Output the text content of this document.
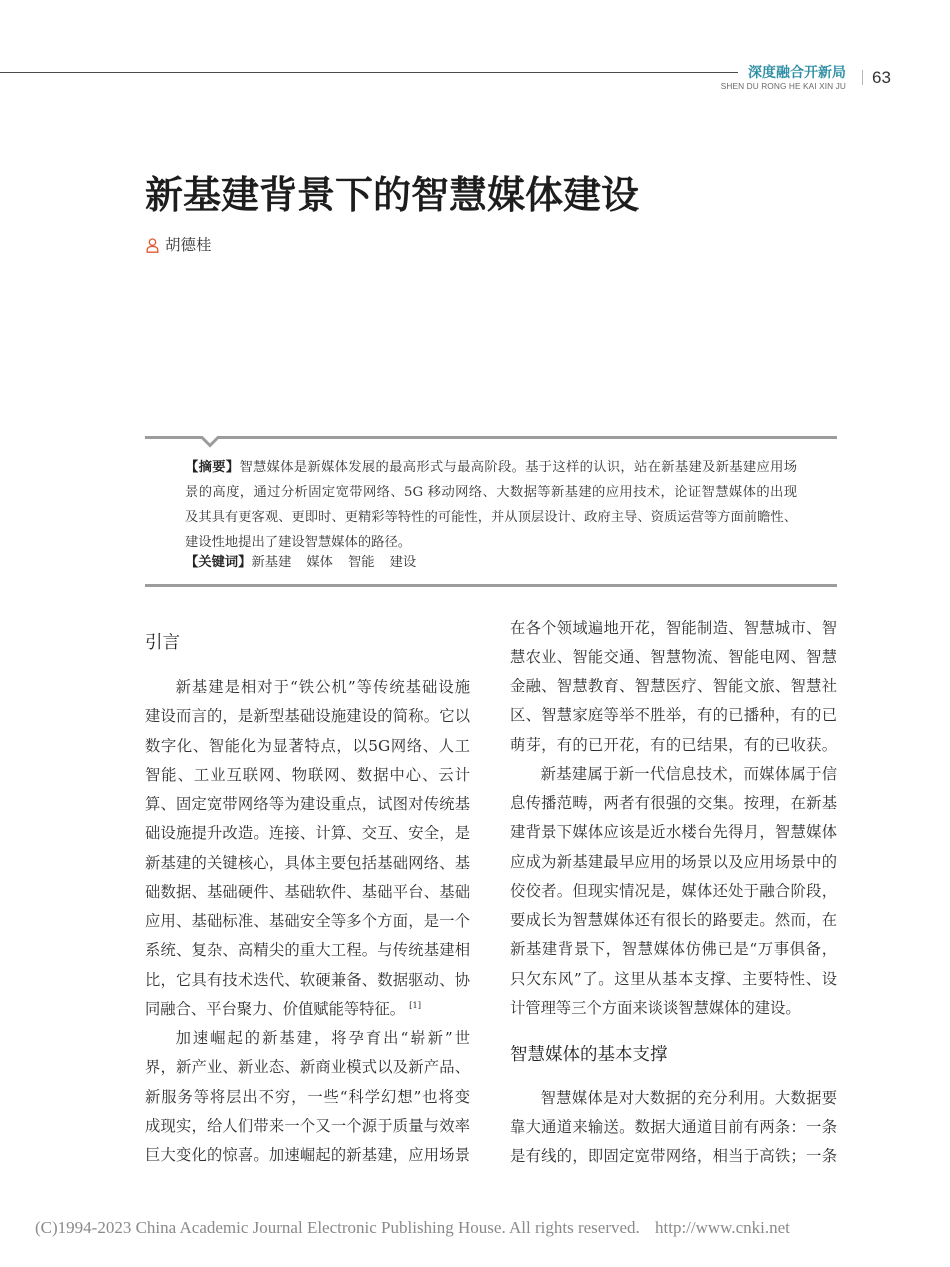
深度融合开新局
SHEN DU RONG HE KAI XIN JU 63
新基建背景下的智慧媒体建设
胡德桂
【摘要】智慧媒体是新媒体发展的最高形式与最高阶段。基于这样的认识，站在新基建及新基建应用场
景的高度，通过分析固定宽带网络、5G 移动网络、大数据等新基建的应用技术，论证智慧媒体的出现
及其具有更客观、更即时、更精彩等特性的可能性，并从顶层设计、政府主导、资质运营等方面前瞻性、
建设性地提出了建设智慧媒体的路径。
【关键词】新基建 媒体 智能 建设
引言
新基建是相对于“铁公机”等传统基础设施
建设而言的，是新型基础设施建设的简称。它以
数字化、智能化为显著特点，以5G网络、人工
智能、工业互联网、物联网、数据中心、云计
算、固定宽带网络等为建设重点，试图对传统基
础设施提升改造。连接、计算、交互、安全，是
新基建的关键核心，具体主要包括基础网络、基
础数据、基础硬件、基础软件、基础平台、基础
应用、基础标准、基础安全等多个方面，是一个
系统、复杂、高精尖的重大工程。与传统基建相
比，它具有技术迭代、软硬兼备、数据驱动、协
同融合、平台聚力、价值赋能等特征。 [1]
加速崛起的新基建，将孕育出“崭新”世
界，新产业、新业态、新商业模式以及新产品、
新服务等将层出不穷，一些“科学幻想”也将变
成现实，给人们带来一个又一个源于质量与效率
巨大变化的惊喜。加速崛起的新基建，应用场景
在各个领域遍地开花，智能制造、智慧城市、智
慧农业、智能交通、智慧物流、智能电网、智慧
金融、智慧教育、智慧医疗、智能文旅、智慧社
区、智慧家庭等举不胜举，有的已播种，有的已
萌芽，有的已开花，有的已结果，有的已收获。
新基建属于新一代信息技术，而媒体属于信
息传播范畴，两者有很强的交集。按理，在新基
建背景下媒体应该是近水楼台先得月，智慧媒体
应成为新基建最早应用的场景以及应用场景中的
佼佼者。但现实情况是，媒体还处于融合阶段，
要成长为智慧媒体还有很长的路要走。然而，在
新基建背景下，智慧媒体仿佛已是“万事俱备，
只欠东风”了。这里从基本支撑、主要特性、设
计管理等三个方面来谈谈智慧媒体的建设。
智慧媒体的基本支撑
智慧媒体是对大数据的充分利用。大数据要
靠大通道来输送。数据大通道目前有两条：一条
是有线的，即固定宽带网络，相当于高铁；一条
(C)1994-2023 China Academic Journal Electronic Publishing House. All rights reserved. http://www.cnki.net
